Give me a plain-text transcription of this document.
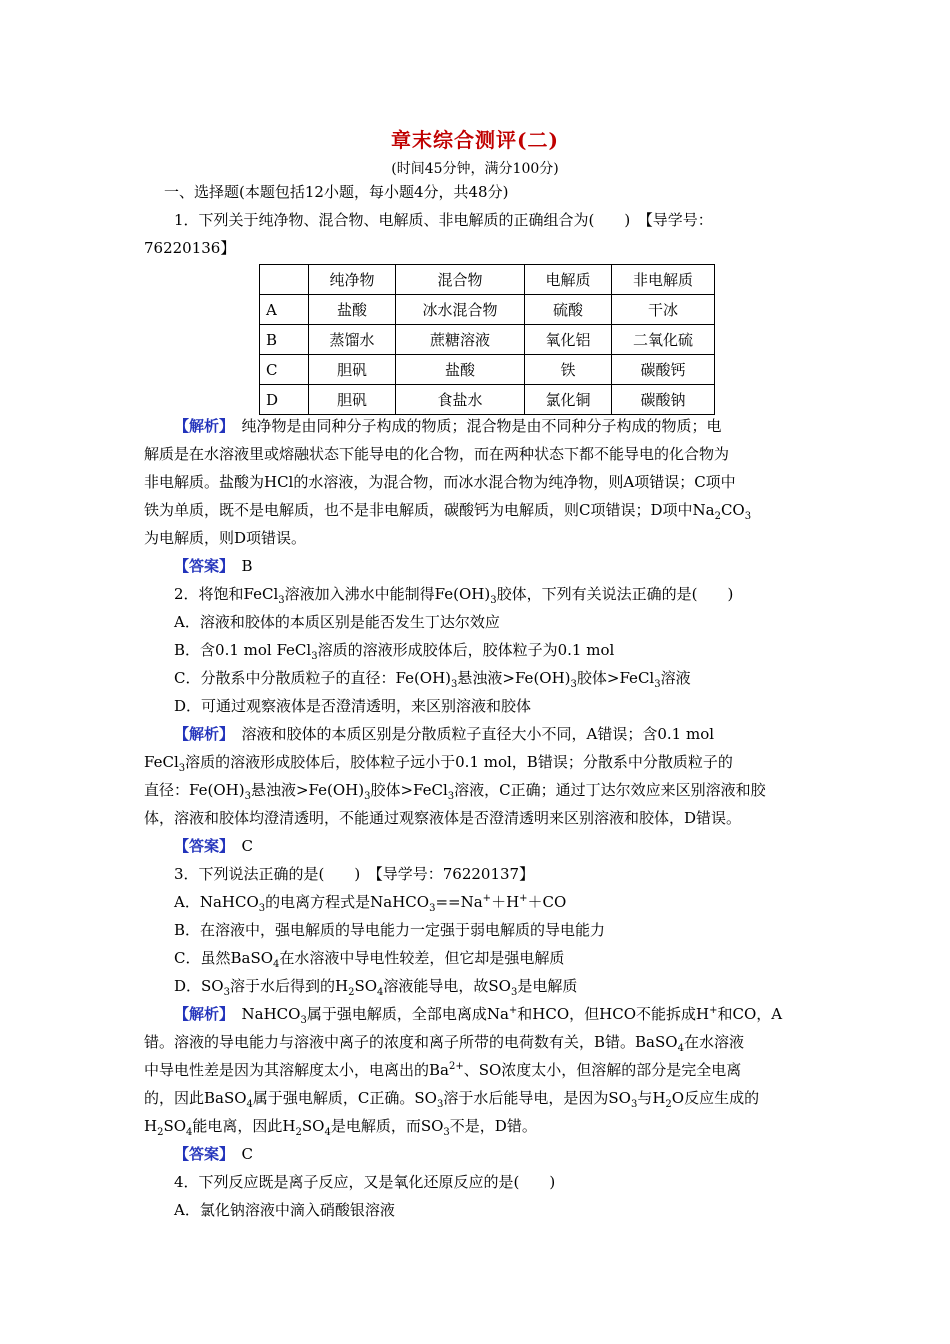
章末综合测评(二)
(时间45分钟，满分100分)
一、选择题(本题包括12小题，每小题4分，共48分)
1．下列关于纯净物、混合物、电解质、非电解质的正确组合为(　　)　【导学号：
76220136】
	纯净物	混合物	电解质	非电解质
A	盐酸	冰水混合物	硫酸	干冰
B	蒸馏水	蔗糖溶液	氧化铝	二氧化硫
C	胆矾	盐酸	铁	碳酸钙
D	胆矾	食盐水	氯化铜	碳酸钠
【解析】　纯净物是由同种分子构成的物质；混合物是由不同种分子构成的物质；电
解质是在水溶液里或熔融状态下能导电的化合物，而在两种状态下都不能导电的化合物为
非电解质。盐酸为HCl的水溶液，为混合物，而冰水混合物为纯净物，则A项错误；C项中
铁为单质，既不是电解质，也不是非电解质，碳酸钙为电解质，则C项错误；D项中$Na_2CO_3$
为电解质，则D项错误。
【答案】　 B
2．将饱和FeCl$_3$溶液加入沸水中能制得$Fe(OH)_3$胶体，下列有关说法正确的是(　　)
A．溶液和胶体的本质区别是能否发生丁达尔效应
B．含0.1 mol FeCl$_3$溶质的溶液形成胶体后，胶体粒子为0.1 mol
C．分散系中分散质粒子的直径：$Fe(OH)_3$悬浊液$>Fe(OH)_3$胶体>FeCl$_3$溶液
D．可通过观察液体是否澄清透明，来区别溶液和胶体
【解析】　溶液和胶体的本质区别是分散质粒子直径大小不同，A错误；含0.1 mol
FeCl$_3$溶质的溶液形成胶体后，胶体粒子远小于0.1 mol，B错误；分散系中分散质粒子的
直径：$Fe(OH)_3$悬浊液$>Fe(OH)_3$胶体>FeCl$_3$溶液，C正确；通过丁达尔效应来区别溶液和胶
体，溶液和胶体均澄清透明，不能通过观察液体是否澄清透明来区别溶液和胶体，D错误。
【答案】　 C
3．下列说法正确的是(　　)　【导学号：76220137】
A．NaHCO$_3$的电离方程式是NaHCO$_3$==Na+＋H+＋CO
B．在溶液中，强电解质的导电能力一定强于弱电解质的导电能力
C．虽然BaSO$_4$在水溶液中导电性较差，但它却是强电解质
D．$SO_3$溶于水后得到的$H_2SO_4$溶液能导电，故$SO_3$是电解质
【解析】　NaHCO$_3$属于强电解质，全部电离成Na+和HCO，但HCO不能拆成H+和CO，A
错。溶液的导电能力与溶液中离子的浓度和离子所带的电荷数有关，B错。BaSO$_4$在水溶液
中导电性差是因为其溶解度太小，电离出的$Ba^{2+}$、SO浓度太小，但溶解的部分是完全电离
的，因此BaSO$_4$属于强电解质，C正确。$SO_3$溶于水后能导电，是因为$SO_3$与$H_2O$反应生成的
$H_2SO_4$能电离，因此$H_2SO_4$是电解质，而$SO_3$不是，D错。
【答案】　 C
4．下列反应既是离子反应，又是氧化还原反应的是(　　)
A．氯化钠溶液中滴入硝酸银溶液
